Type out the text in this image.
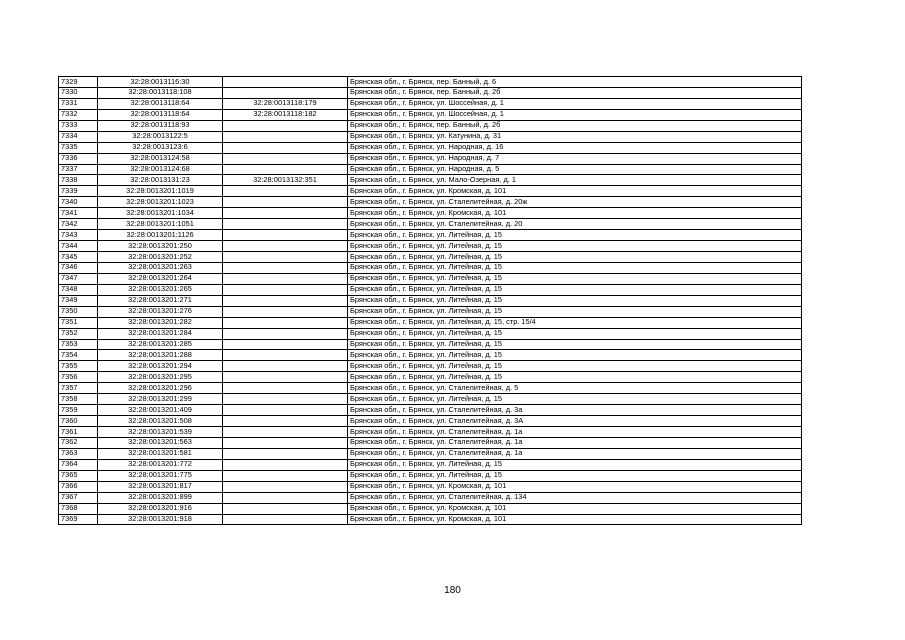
7329	32:28:0013116:30		Брянская обл., г. Брянск, пер. Банный, д. 6
7330	32:28:0013118:108		Брянская обл., г. Брянск, пер. Банный, д. 2б
7331	32:28:0013118:64	32:28:0013118:179	Брянская обл., г. Брянск, ул. Шоссейная, д. 1
7332	32:28:0013118:64	32:28:0013118:182	Брянская обл., г. Брянск, ул. Шоссейная, д. 1
7333	32:28:0013118:93		Брянская обл., г. Брянск, пер. Банный, д. 2б
7334	32:28:0013122:5		Брянская обл., г. Брянск, ул. Катунина, д. 31
7335	32:28:0013123:6		Брянская обл., г. Брянск, ул. Народная, д. 16
7336	32:28:0013124:58		Брянская обл., г. Брянск, ул. Народная, д. 7
7337	32:28:0013124:68		Брянская обл., г. Брянск, ул. Народная, д. 5
7338	32:28:0013131:23	32:28:0013132:351	Брянская обл., г. Брянск, ул. Мало-Озерная, д. 1
7339	32:28:0013201:1019		Брянская обл., г. Брянск, ул. Кромская, д. 101
7340	32:28:0013201:1023		Брянская обл., г. Брянск, ул. Сталелитейная, д. 20ж
7341	32:28:0013201:1034		Брянская обл., г. Брянск, ул. Кромская, д. 101
7342	32:28:0013201:1051		Брянская обл., г. Брянск, ул. Сталелитейная, д. 20
7343	32:28:0013201:1126		Брянская обл., г. Брянск, ул. Литейная, д. 15
7344	32:28:0013201:250		Брянская обл., г. Брянск, ул. Литейная, д. 15
7345	32:28:0013201:252		Брянская обл., г. Брянск, ул. Литейная, д. 15
7346	32:28:0013201:263		Брянская обл., г. Брянск, ул. Литейная, д. 15
7347	32:28:0013201:264		Брянская обл., г. Брянск, ул. Литейная, д. 15
7348	32:28:0013201:265		Брянская обл., г. Брянск, ул. Литейная, д. 15
7349	32:28:0013201:271		Брянская обл., г. Брянск, ул. Литейная, д. 15
7350	32:28:0013201:276		Брянская обл., г. Брянск, ул. Литейная, д. 15
7351	32:28:0013201:282		Брянская обл., г. Брянск, ул. Литейная, д. 15, стр. 15/4
7352	32:28:0013201:284		Брянская обл., г. Брянск, ул. Литейная, д. 15
7353	32:28:0013201:285		Брянская обл., г. Брянск, ул. Литейная, д. 15
7354	32:28:0013201:288		Брянская обл., г. Брянск, ул. Литейная, д. 15
7355	32:28:0013201:294		Брянская обл., г. Брянск, ул. Литейная, д. 15
7356	32:28:0013201:295		Брянская обл., г. Брянск, ул. Литейная, д. 15
7357	32:28:0013201:296		Брянская обл., г. Брянск, ул. Сталелитейная, д. 5
7358	32:28:0013201:299		Брянская обл., г. Брянск, ул. Литейная, д. 15
7359	32:28:0013201:409		Брянская обл., г. Брянск, ул. Сталелитейная, д. 3а
7360	32:28:0013201:508		Брянская обл., г. Брянск, ул. Сталелитейная, д. 3А
7361	32:28:0013201:539		Брянская обл., г. Брянск, ул. Сталелитейная, д. 1а
7362	32:28:0013201:563		Брянская обл., г. Брянск, ул. Сталелитейная, д. 1а
7363	32:28:0013201:581		Брянская обл., г. Брянск, ул. Сталелитейная, д. 1а
7364	32:28:0013201:772		Брянская обл., г. Брянск, ул. Литейная, д. 15
7365	32:28:0013201:775		Брянская обл., г. Брянск, ул. Литейная, д. 15
7366	32:28:0013201:817		Брянская обл., г. Брянск, ул. Кромская, д. 101
7367	32:28:0013201:899		Брянская обл., г. Брянск, ул. Сталелитейная, д. 134
7368	32:28:0013201:916		Брянская обл., г. Брянск, ул. Кромская, д. 101
7369	32:28:0013201:918		Брянская обл., г. Брянск, ул. Кромская, д. 101
180
